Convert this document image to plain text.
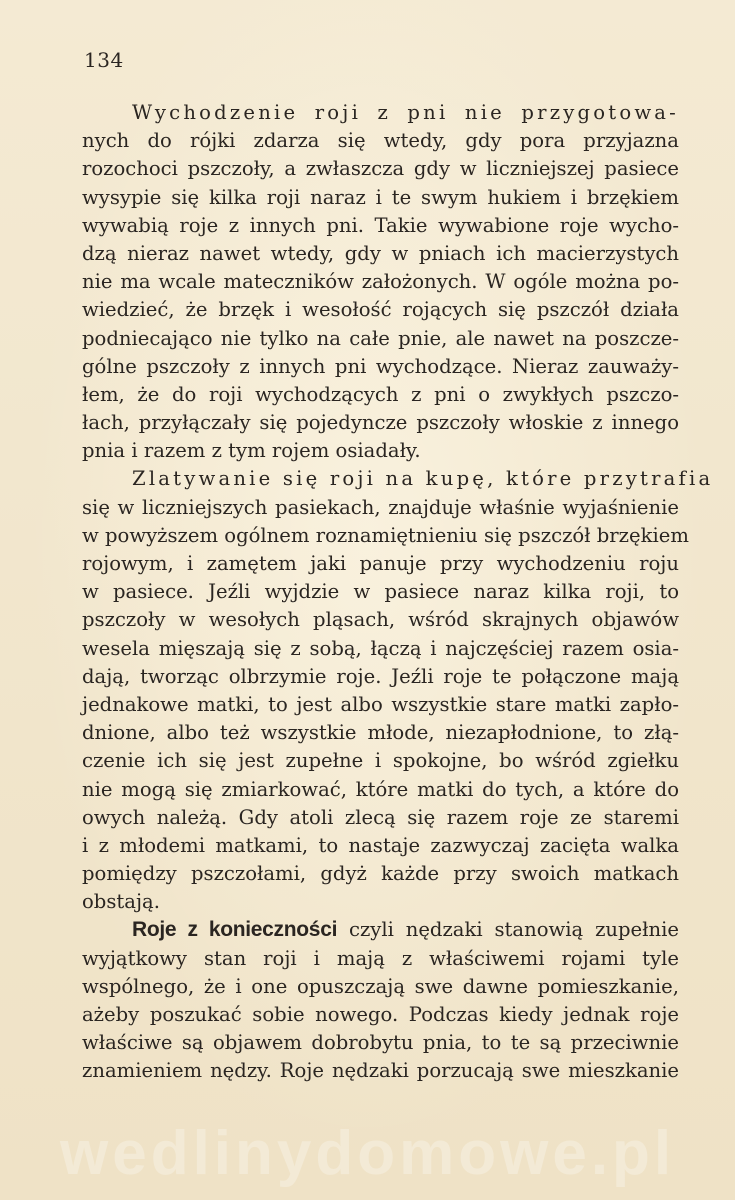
134
Wychodzenie roji z pni nie przygotowa-
nych do rójki zdarza się wtedy, gdy pora przyjazna
rozochoci pszczoły, a zwłaszcza gdy w liczniejszej pasiece
wysypie się kilka roji naraz i te swym hukiem i brzękiem
wywabią roje z innych pni. Takie wywabione roje wycho-
dzą nieraz nawet wtedy, gdy w pniach ich macierzystych
nie ma wcale mateczników założonych. W ogóle można po-
wiedzieć, że brzęk i wesołość rojących się pszczół działa
podniecająco nie tylko na całe pnie, ale nawet na poszcze-
gólne pszczoły z innych pni wychodzące. Nieraz zauważy-
łem, że do roji wychodzących z pni o zwykłych pszczo-
łach, przyłączały się pojedyncze pszczoły włoskie z innego
pnia i razem z tym rojem osiadały.
Zlatywanie się roji na kupę, które przytrafia
się w liczniejszych pasiekach, znajduje właśnie wyjaśnienie
w powyższem ogólnem roznamiętnieniu się pszczół brzękiem
rojowym, i zamętem jaki panuje przy wychodzeniu roju
w pasiece. Jeźli wyjdzie w pasiece naraz kilka roji, to
pszczoły w wesołych pląsach, wśród skrajnych objawów
wesela mięszają się z sobą, łączą i najczęściej razem osia-
dają, tworząc olbrzymie roje. Jeźli roje te połączone mają
jednakowe matki, to jest albo wszystkie stare matki zapło-
dnione, albo też wszystkie młode, niezapłodnione, to złą-
czenie ich się jest zupełne i spokojne, bo wśród zgiełku
nie mogą się zmiarkować, które matki do tych, a które do
owych należą. Gdy atoli zlecą się razem roje ze staremi
i z młodemi matkami, to nastaje zazwyczaj zacięta walka
pomiędzy pszczołami, gdyż każde przy swoich matkach
obstają.
Roje z konieczności czyli nędzaki stanowią zupełnie
wyjątkowy stan roji i mają z właściwemi rojami tyle
wspólnego, że i one opuszczają swe dawne pomieszkanie,
ażeby poszukać sobie nowego. Podczas kiedy jednak roje
właściwe są objawem dobrobytu pnia, to te są przeciwnie
znamieniem nędzy. Roje nędzaki porzucają swe mieszkanie
wedlinydomowe.pl
